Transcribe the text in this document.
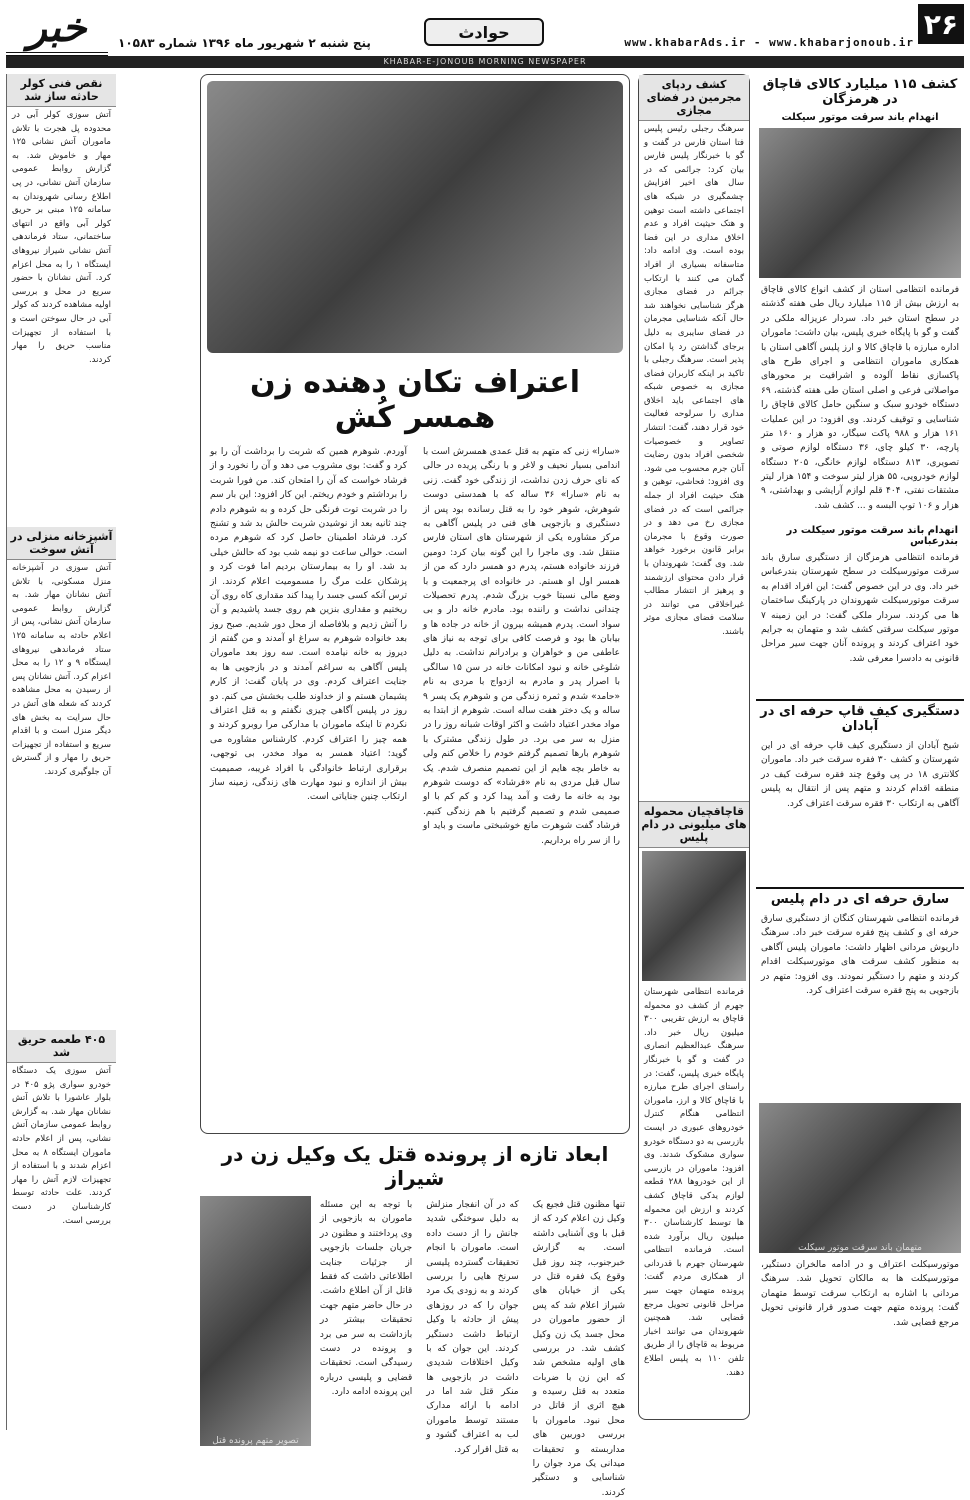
۲۶
www.khabarAds.ir - www.khabarjonoub.ir
حوادث
پنج شنبه ۲ شهریور ماه ۱۳۹۶ شماره ۱۰۵۸۳
خبر
KHABAR-E-JONOUB MORNING NEWSPAPER
کشف ۱۱۵ میلیارد کالای قاچاق در هرمزگان
انهدام باند سرقت موتور سیکلت
فرمانده انتظامی استان از کشف انواع کالای قاچاق به ارزش بیش از ۱۱۵ میلیارد ریال طی هفته گذشته در سطح استان خبر داد. سردار عزیزاله ملکی در گفت و گو با پایگاه خبری پلیس، بیان داشت: ماموران اداره مبارزه با قاچاق کالا و ارز پلیس آگاهی استان با همکاری ماموران انتظامی و اجرای طرح های پاکسازی نقاط آلوده و اشرافیت بر محورهای مواصلاتی فرعی و اصلی استان طی هفته گذشته، ۶۹ دستگاه خودرو سبک و سنگین حامل کالای قاچاق را شناسایی و توقیف کردند. وی افزود: در این عملیات ۱۶۱ هزار و ۹۸۸ پاکت سیگار، دو هزار و ۱۶۰ متر پارچه، ۳۰ کیلو چای، ۳۶ دستگاه لوازم صوتی و تصویری، ۸۱۳ دستگاه لوازم خانگی، ۲۰۵ دستگاه لوازم خودرویی، ۵۵ هزار لیتر سوخت و ۱۵۴ هزار لیتر مشتقات نفتی، ۴۰۴ قلم لوازم آرایشی و بهداشتی، ۹ هزار و ۱۰۶ توپ البسه و ... کشف شد.
انهدام باند سرقت موتور سیکلت در بندرعباس
فرمانده انتظامی هرمزگان از دستگیری سارق باند سرقت موتورسیکلت در سطح شهرستان بندرعباس خبر داد. وی در این خصوص گفت: این افراد اقدام به سرقت موتورسیکلت شهروندان در پارکینگ ساختمان ها می کردند. سردار ملکی گفت: در این زمینه ۷ موتور سیکلت سرقتی کشف شد و متهمان به جرایم خود اعتراف کردند و پرونده آنان جهت سیر مراحل قانونی به دادسرا معرفی شد.
دستگیری کیف قاپ حرفه ای در آبادان
شیخ آبادان از دستگیری کیف قاپ حرفه ای در این شهرستان و کشف ۳۰ فقره سرقت خبر داد. ماموران کلانتری ۱۸ در پی وقوع چند فقره سرقت کیف در منطقه اقدام کردند و متهم پس از انتقال به پلیس آگاهی به ارتکاب ۳۰ فقره سرقت اعتراف کرد.
سارق حرفه ای در دام پلیس
فرمانده انتظامی شهرستان کنگان از دستگیری سارق حرفه ای و کشف پنج فقره سرقت خبر داد. سرهنگ داریوش مردانی اظهار داشت: ماموران پلیس آگاهی به منظور کشف سرقت های موتورسیکلت اقدام کردند و متهم را دستگیر نمودند. وی افزود: متهم در بازجویی به پنج فقره سرقت اعتراف کرد.
متهمان باند سرقت موتور سیکلت
موتورسیکلت اعتراف و در ادامه مالخران دستگیر، موتورسیکلت ها به مالکان تحویل شد. سرهنگ مردانی با اشاره به ارتکاب سرقت توسط متهمان گفت: پرونده متهم جهت صدور قرار قانونی تحویل مرجع قضایی شد.
کشف ردپای مجرمین در فضای مجازی
سرهنگ رجبلی رئیس پلیس فتا استان فارس در گفت و گو با خبرنگار پلیس فارس بیان کرد: جرائمی که در سال های اخیر افزایش چشمگیری در شبکه های اجتماعی داشته است توهین و هتک حیثیت افراد و عدم اخلاق مداری در این فضا بوده است. وی ادامه داد: متاسفانه بسیاری از افراد گمان می کنند با ارتکاب جرائم در فضای مجازی هرگز شناسایی نخواهند شد حال آنکه شناسایی مجرمان در فضای سایبری به دلیل برجای گذاشتن رد پا امکان پذیر است. سرهنگ رجبلی با تاکید بر اینکه کاربران فضای مجازی به خصوص شبکه های اجتماعی باید اخلاق مداری را سرلوحه فعالیت خود قرار دهند، گفت: انتشار تصاویر و خصوصیات شخصی افراد بدون رضایت آنان جرم محسوب می شود. وی افزود: فحاشی، توهین و هتک حیثیت افراد از جمله جرائمی است که در فضای مجازی رخ می دهد و در صورت وقوع با مجرمان برابر قانون برخورد خواهد شد. وی گفت: شهروندان با قرار دادن محتوای ارزشمند و پرهیز از انتشار مطالب غیراخلاقی می توانند در سلامت فضای مجازی موثر باشند.
قاچاقچیان محموله های میلیونی در دام پلیس
فرمانده انتظامی شهرستان جهرم از کشف دو محموله قاچاق به ارزش تقریبی ۳۰۰ میلیون ریال خبر داد. سرهنگ عبدالعظیم انصاری در گفت و گو با خبرنگار پایگاه خبری پلیس، گفت: در راستای اجرای طرح مبارزه با قاچاق کالا و ارز، ماموران انتظامی هنگام کنترل خودروهای عبوری در ایست بازرسی به دو دستگاه خودرو سواری مشکوک شدند. وی افزود: ماموران در بازرسی از این خودروها ۲۸۸ قطعه لوازم یدکی قاچاق کشف کردند و ارزش این محموله ها توسط کارشناسان ۳۰۰ میلیون ریال برآورد شده است. فرمانده انتظامی شهرستان جهرم با قدردانی از همکاری مردم گفت: پرونده متهمان جهت سیر مراحل قانونی تحویل مرجع قضایی شد. همچنین شهروندان می توانند اخبار مربوط به قاچاق را از طریق تلفن ۱۱۰ به پلیس اطلاع دهند.
اعتراف تکان دهنده زن همسر کُش
«سارا» زنی که متهم به قتل عمدی همسرش است با اندامی بسیار نحیف و لاغر و با رنگی پریده در حالی که نای حرف زدن نداشت، از زندگی خود گفت. زنی به نام «سارا» ۳۶ ساله که با همدستی دوست شوهرش، شوهر خود را به قتل رسانده بود پس از دستگیری و بازجویی های فنی در پلیس آگاهی به مرکز مشاوره یکی از شهرستان های استان فارس منتقل شد. وی ماجرا را این گونه بیان کرد: دومین فرزند خانواده هستم، پدرم دو همسر دارد که من از همسر اول او هستم. در خانواده ای پرجمعیت و با وضع مالی نسبتا خوب بزرگ شدم. پدرم تحصیلات چندانی نداشت و راننده بود. مادرم خانه دار و بی سواد است. پدرم همیشه بیرون از خانه در جاده ها و بیابان ها بود و فرصت کافی برای توجه به نیاز های عاطفی من و خواهران و برادرانم نداشت. به دلیل شلوغی خانه و نبود امکانات خانه در سن ۱۵ سالگی با اصرار پدر و مادرم به ازدواج با مردی به نام «حامد» شدم و ثمره زندگی من و شوهرم یک پسر ۹ ساله و یک دختر هفت ساله است. شوهرم از ابتدا به مواد مخدر اعتیاد داشت و اکثر اوقات شبانه روز را در منزل به سر می برد. در طول زندگی مشترک با شوهرم بارها تصمیم گرفتم خودم را خلاص کنم ولی به خاطر بچه هایم از این تصمیم منصرف شدم. یک سال قبل مردی به نام «فرشاد» که دوست شوهرم بود به خانه ما رفت و آمد پیدا کرد و کم کم با او صمیمی شدم و تصمیم گرفتیم با هم زندگی کنیم. فرشاد گفت شوهرت مانع خوشبختی ماست و باید او را از سر راه برداریم.
آوردم. شوهرم همین که شربت را برداشت آن را بو کرد و گفت: بوی مشروب می دهد و آن را نخورد و از فرشاد خواست که آن را امتحان کند. من فورا شربت را برداشتم و خودم ریختم. این کار افزود: این بار سم را در شربت توت فرنگی حل کرده و به شوهرم دادم چند ثانیه بعد از نوشیدن شربت حالش بد شد و تشنج کرد. فرشاد اطمینان حاصل کرد که شوهرم مرده است. حوالی ساعت دو نیمه شب بود که حالش خیلی بد شد. او را به بیمارستان بردیم اما فوت کرد و پزشکان علت مرگ را مسمومیت اعلام کردند. از ترس آنکه کسی جسد را پیدا کند مقداری کاه روی آن ریختیم و مقداری بنزین هم روی جسد پاشیدیم و آن را آتش زدیم و بلافاصله از محل دور شدیم. صبح روز بعد خانواده شوهرم به سراغ او آمدند و من گفتم از دیروز به خانه نیامده است. سه روز بعد ماموران پلیس آگاهی به سراغم آمدند و در بازجویی ها به جنایت اعتراف کردم. وی در پایان گفت: از کارم پشیمان هستم و از خداوند طلب بخشش می کنم. دو روز در پلیس آگاهی چیزی نگفتم و به قتل اعتراف نکردم تا اینکه ماموران با مدارکی مرا روبرو کردند و همه چیز را اعتراف کردم. کارشناس مشاوره می گوید: اعتیاد همسر به مواد مخدر، بی توجهی، برقراری ارتباط خانوادگی با افراد غریبه، صمیمیت بیش از اندازه و نبود مهارت های زندگی، زمینه ساز ارتکاب چنین جنایاتی است.
ابعاد تازه از پرونده قتل یک وکیل زن در شیراز
تنها مظنون قتل فجیع یک وکیل زن اعلام کرد که از قبل با وی آشنایی داشته است. به گزارش خبرجنوب، چند روز قبل وقوع یک فقره قتل در یکی از خیابان های شیراز اعلام شد که پس از حضور ماموران در محل جسد یک زن وکیل کشف شد. در بررسی های اولیه مشخص شد که این زن با ضربات متعدد به قتل رسیده و هیچ اثری از قاتل در محل نبود. ماموران با بررسی دوربین های مداربسته و تحقیقات میدانی یک مرد جوان را شناسایی و دستگیر کردند.
که در آن انفجار منزلش به دلیل سوختگی شدید جانش را از دست داده است. ماموران با انجام تحقیقات گسترده پلیسی سرنخ هایی را بررسی کردند و به زودی یک مرد جوان را که در روزهای پیش از حادثه با وکیل ارتباط داشت دستگیر کردند. این جوان که با وکیل اختلافات شدیدی داشت در بازجویی ها منکر قتل شد اما در ادامه با ارائه مدارک مستند توسط ماموران لب به اعتراف گشود و به قتل اقرار کرد.
با توجه به این مسئله ماموران به بازجویی از وی پرداختند و مظنون در جریان جلسات بازجویی از جزئیات جنایت اطلاعاتی داشت که فقط قاتل از آن اطلاع داشت. در حال حاضر متهم جهت تحقیقات بیشتر در بازداشت به سر می برد و پرونده در دست رسیدگی است. تحقیقات قضایی و پلیسی درباره این پرونده ادامه دارد.
تصویر متهم پرونده قتل
نقص فنی کولر حادثه ساز شد
آتش سوزی کولر آبی در محدوده پل هجرت با تلاش ماموران آتش نشانی ۱۲۵ مهار و خاموش شد. به گزارش روابط عمومی سازمان آتش نشانی، در پی اطلاع رسانی شهروندان به سامانه ۱۲۵ مبنی بر حریق کولر آبی واقع در انتهای ساختمانی، ستاد فرماندهی آتش نشانی شیراز نیروهای ایستگاه ۱ را به محل اعزام کرد. آتش نشانان با حضور سریع در محل و بررسی اولیه مشاهده کردند که کولر آبی در حال سوختن است و با استفاده از تجهیزات مناسب حریق را مهار کردند.
آشپزخانه منزلی در آتش سوخت
آتش سوزی در آشپزخانه منزل مسکونی، با تلاش آتش نشانان مهار شد. به گزارش روابط عمومی سازمان آتش نشانی، پس از اعلام حادثه به سامانه ۱۲۵ ستاد فرماندهی نیروهای ایستگاه ۹ و ۱۲ را به محل اعزام کرد. آتش نشانان پس از رسیدن به محل مشاهده کردند که شعله های آتش در حال سرایت به بخش های دیگر منزل است و با اقدام سریع و استفاده از تجهیزات حریق را مهار و از گسترش آن جلوگیری کردند.
۴۰۵ طعمه حریق شد
آتش سوزی یک دستگاه خودرو سواری پژو ۴۰۵ در بلوار عاشورا با تلاش آتش نشانان مهار شد. به گزارش روابط عمومی سازمان آتش نشانی، پس از اعلام حادثه ماموران ایستگاه ۸ به محل اعزام شدند و با استفاده از تجهیزات لازم آتش را مهار کردند. علت حادثه توسط کارشناسان در دست بررسی است.
